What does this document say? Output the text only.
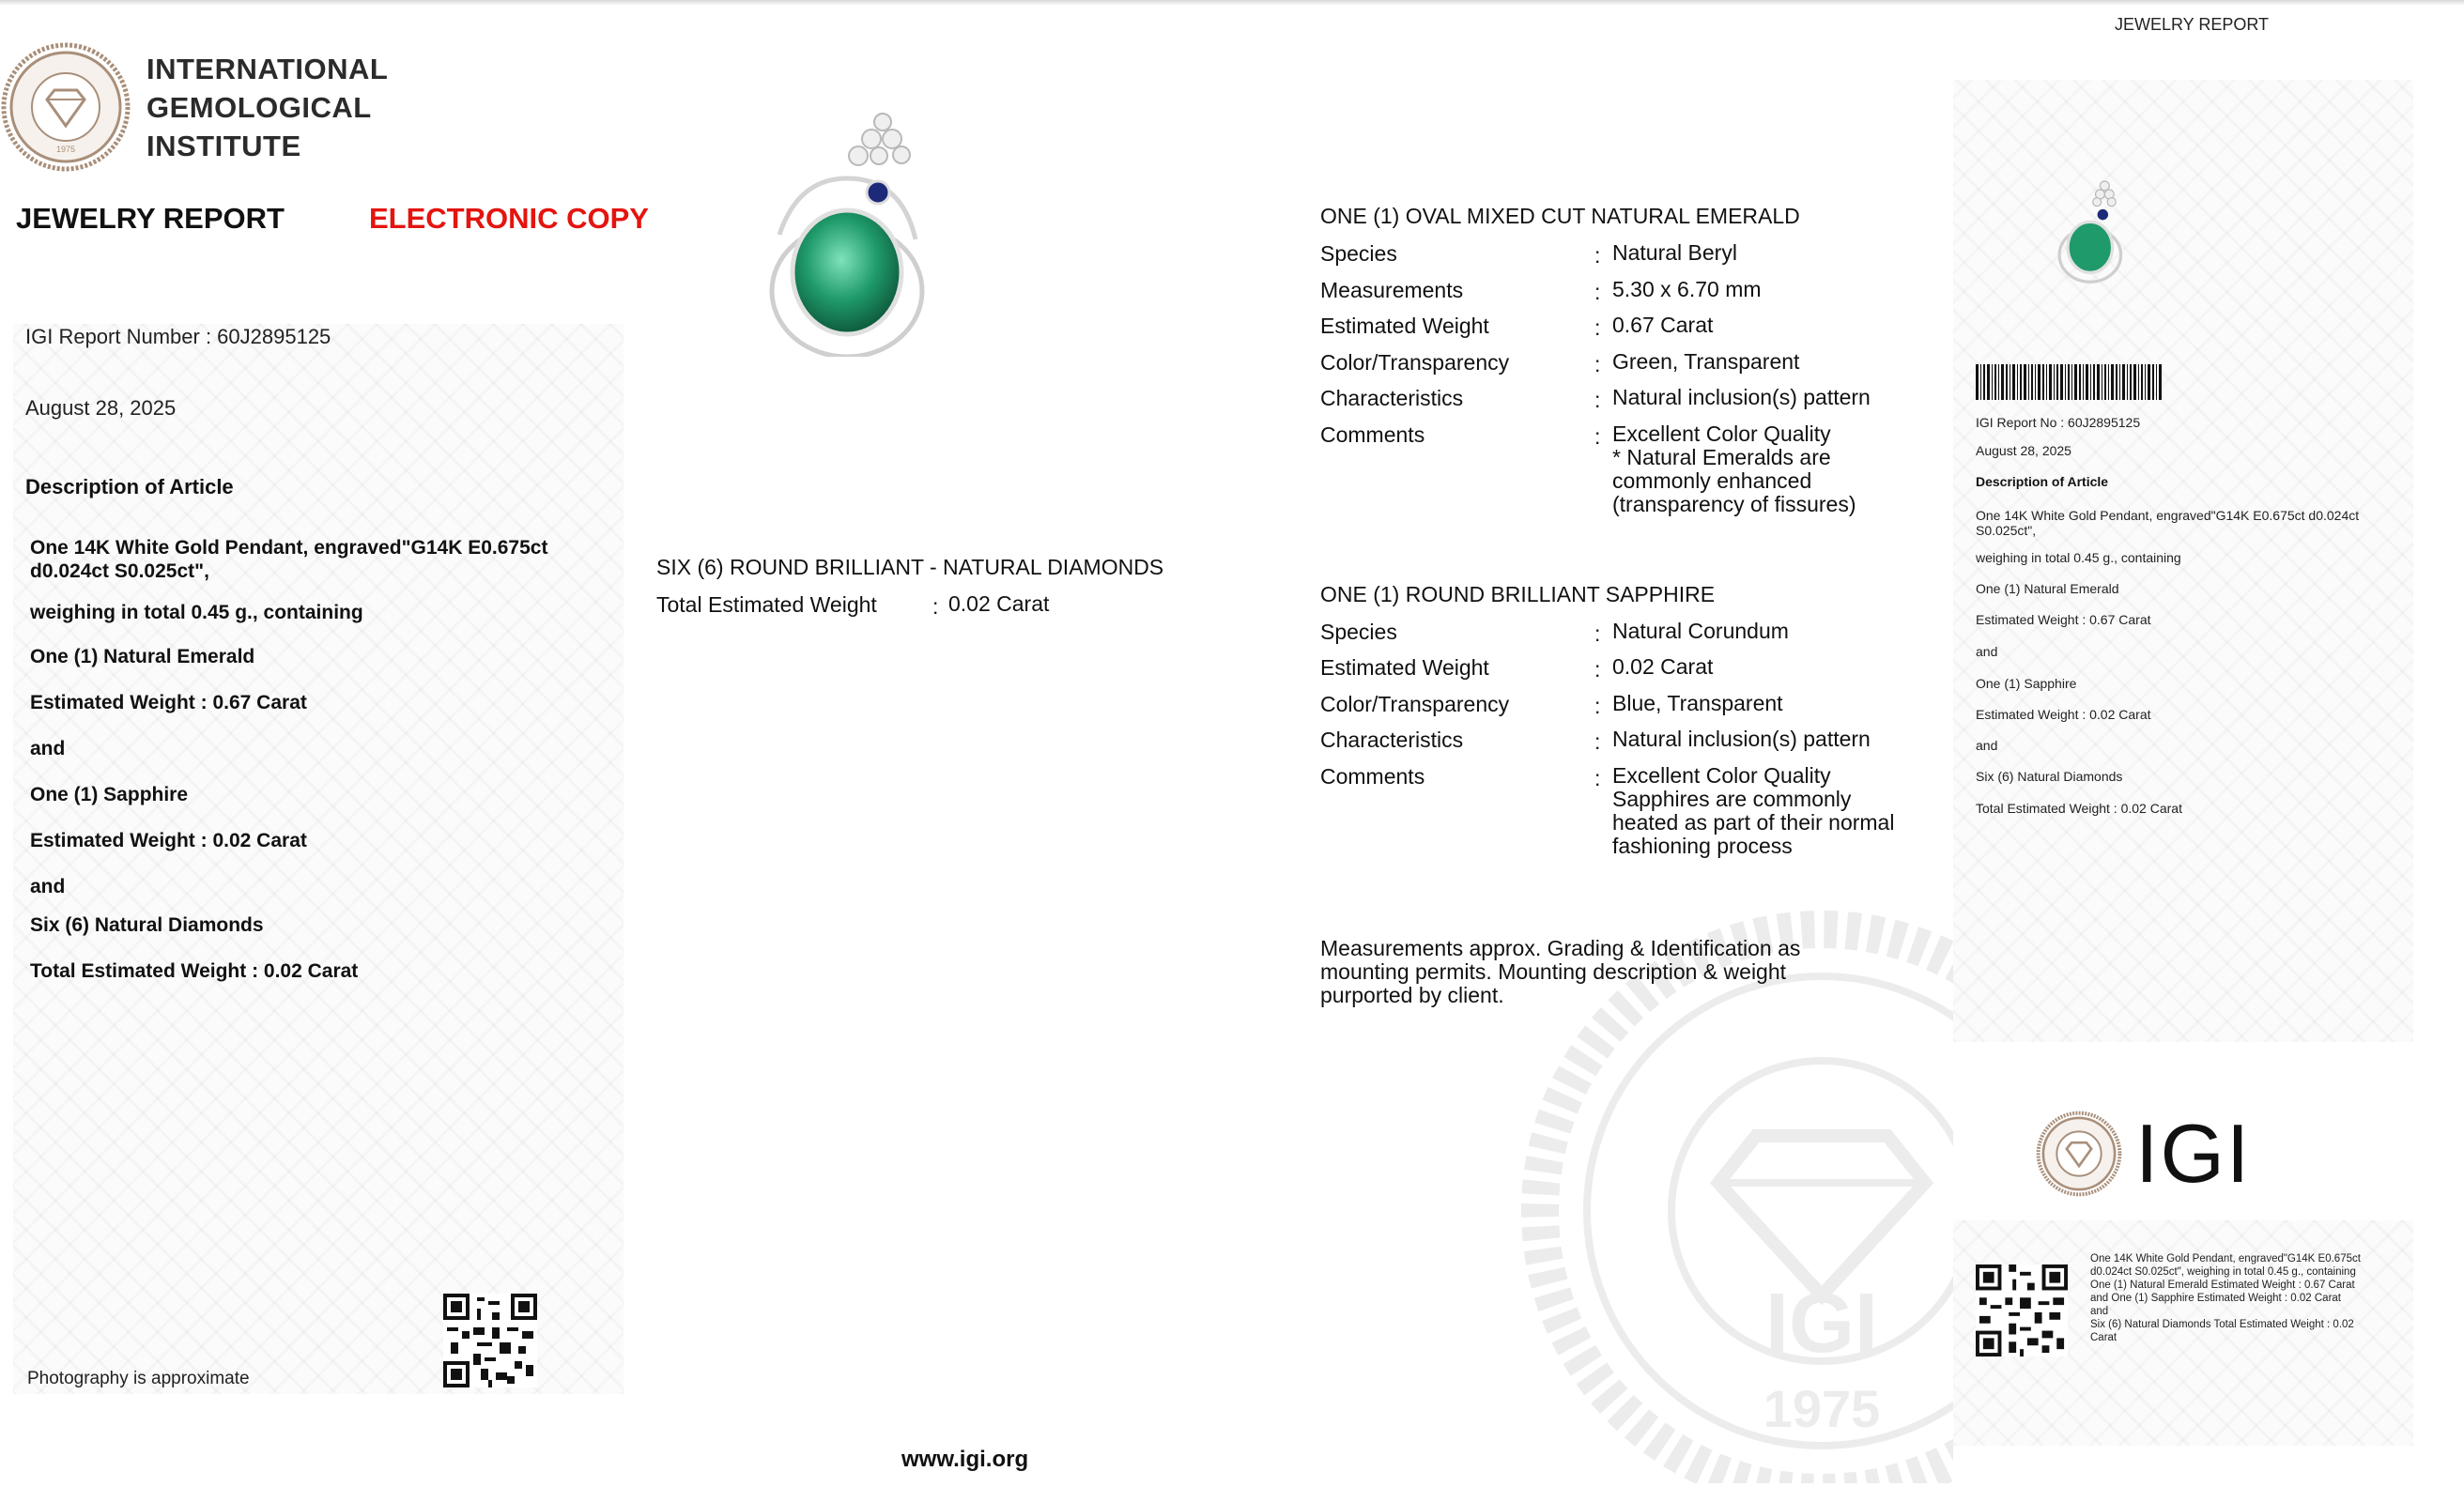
JEWELRY REPORT
1975
INTERNATIONAL
GEMOLOGICAL
INSTITUTE
JEWELRY REPORT	ELECTRONIC COPY
IGI Report Number : 60J2895125
August 28, 2025
Description of Article
One 14K White Gold Pendant, engraved"G14K E0.675ct d0.024ct S0.025ct",
weighing in total 0.45 g., containing
One (1) Natural Emerald
Estimated Weight : 0.67 Carat
and
One (1) Sapphire
Estimated Weight : 0.02 Carat
and
Six (6) Natural Diamonds
Total Estimated Weight : 0.02 Carat
Photography is approximate
SIX (6) ROUND BRILLIANT - NATURAL DIAMONDS
Total Estimated Weight	: 0.02 Carat
1975
IGI
ONE (1) OVAL MIXED CUT NATURAL EMERALD
Species	: Natural Beryl
Measurements	: 5.30 x 6.70 mm
Estimated Weight	: 0.67 Carat
Color/Transparency	: Green, Transparent
Characteristics	: Natural inclusion(s) pattern
Comments	: Excellent Color Quality
* Natural Emeralds are
commonly enhanced
(transparency of fissures)
ONE (1) ROUND BRILLIANT SAPPHIRE
Species	: Natural Corundum
Estimated Weight	: 0.02 Carat
Color/Transparency	: Blue, Transparent
Characteristics	: Natural inclusion(s) pattern
Comments	: Excellent Color Quality
Sapphires are commonly
heated as part of their normal
fashioning process
Measurements approx. Grading & Identification as
mounting permits. Mounting description & weight
purported by client.
www.igi.org
IGI Report No : 60J2895125
August 28, 2025
Description of Article
One 14K White Gold Pendant, engraved"G14K E0.675ct d0.024ct S0.025ct",
weighing in total 0.45 g., containing
One (1) Natural Emerald
Estimated Weight : 0.67 Carat
and
One (1) Sapphire
Estimated Weight : 0.02 Carat
and
Six (6) Natural Diamonds
Total Estimated Weight : 0.02 Carat
IGI
One 14K White Gold Pendant, engraved"G14K E0.675ct
d0.024ct S0.025ct", weighing in total 0.45 g., containing
One (1) Natural Emerald Estimated Weight : 0.67 Carat
and One (1) Sapphire Estimated Weight : 0.02 Carat
and
Six (6) Natural Diamonds Total Estimated Weight : 0.02
Carat
